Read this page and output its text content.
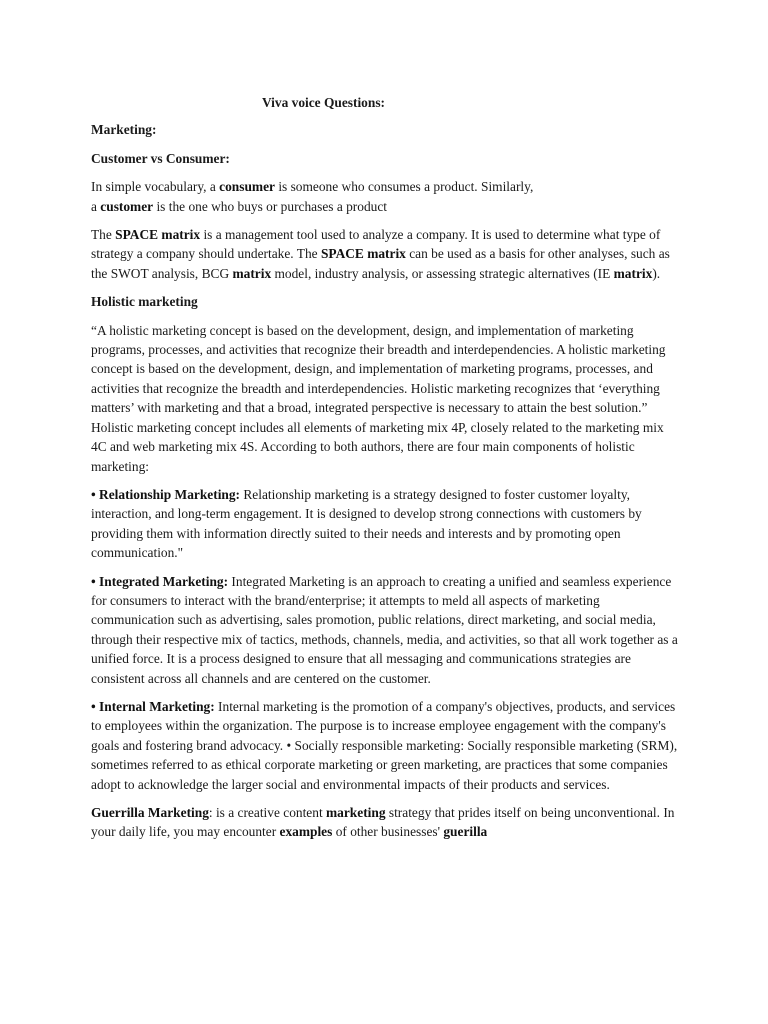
Viva voice Questions:
Marketing:
Customer vs Consumer:

In simple vocabulary, a consumer is someone who consumes a product. Similarly,
a customer is the one who buys or purchases a product

The SPACE matrix is a management tool used to analyze a company. It is used to determine what type of strategy a company should undertake. The SPACE matrix can be used as a basis for other analyses, such as the SWOT analysis, BCG matrix model, industry analysis, or assessing strategic alternatives (IE matrix).

Holistic marketing

“A holistic marketing concept is based on the development, design, and implementation of marketing programs, processes, and activities that recognize their breadth and interdependencies. A holistic marketing concept is based on the development, design, and implementation of marketing programs, processes, and activities that recognize the breadth and interdependencies. Holistic marketing recognizes that ‘everything matters’ with marketing and that a broad, integrated perspective is necessary to attain the best solution.” Holistic marketing concept includes all elements of marketing mix 4P, closely related to the marketing mix 4C and web marketing mix 4S. According to both authors, there are four main components of holistic marketing:

• Relationship Marketing: Relationship marketing is a strategy designed to foster customer loyalty, interaction, and long-term engagement. It is designed to develop strong connections with customers by providing them with information directly suited to their needs and interests and by promoting open communication."

• Integrated Marketing: Integrated Marketing is an approach to creating a unified and seamless experience for consumers to interact with the brand/enterprise; it attempts to meld all aspects of marketing communication such as advertising, sales promotion, public relations, direct marketing, and social media, through their respective mix of tactics, methods, channels, media, and activities, so that all work together as a unified force. It is a process designed to ensure that all messaging and communications strategies are consistent across all channels and are centered on the customer.

• Internal Marketing: Internal marketing is the promotion of a company's objectives, products, and services to employees within the organization. The purpose is to increase employee engagement with the company's goals and fostering brand advocacy. • Socially responsible marketing: Socially responsible marketing (SRM), sometimes referred to as ethical corporate marketing or green marketing, are practices that some companies adopt to acknowledge the larger social and environmental impacts of their products and services.

Guerrilla Marketing: is a creative content marketing strategy that prides itself on being unconventional. In your daily life, you may encounter examples of other businesses' guerilla
